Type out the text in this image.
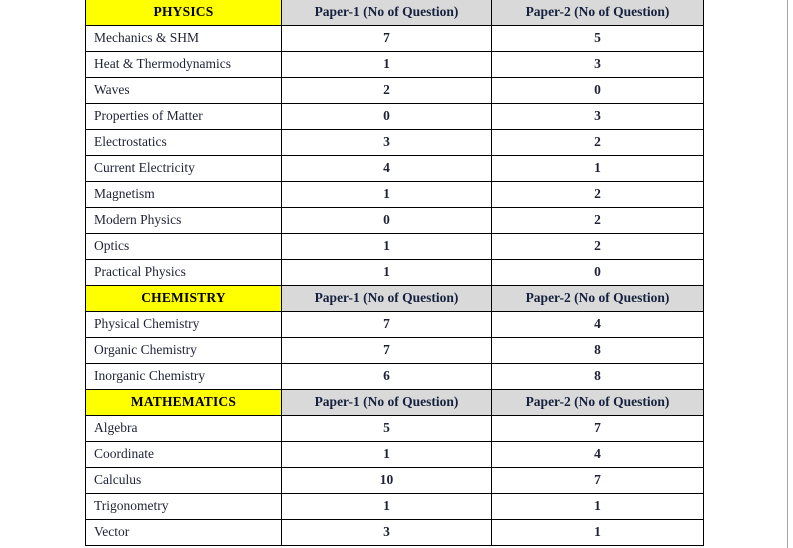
PHYSICS	Paper-1 (No of Question)	Paper-2 (No of Question)
Mechanics & SHM	7	5
Heat & Thermodynamics	1	3
Waves	2	0
Properties of Matter	0	3
Electrostatics	3	2
Current Electricity	4	1
Magnetism	1	2
Modern Physics	0	2
Optics	1	2
Practical Physics	1	0
CHEMISTRY	Paper-1 (No of Question)	Paper-2 (No of Question)
Physical Chemistry	7	4
Organic Chemistry	7	8
Inorganic Chemistry	6	8
MATHEMATICS	Paper-1 (No of Question)	Paper-2 (No of Question)
Algebra	5	7
Coordinate	1	4
Calculus	10	7
Trigonometry	1	1
Vector	3	1
